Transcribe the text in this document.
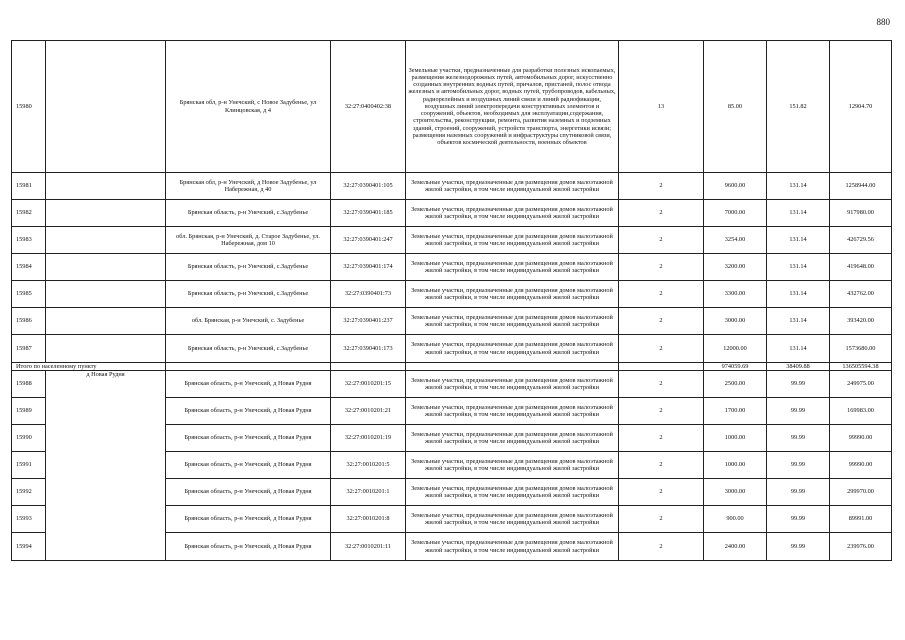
880
15980		Брянская обл, р-н Унечский, с Новое Задубенье, ул Клинцовская, д 4	32:27:0400402:38	Земельные участки, предназначенные для разработки полезных ископаемых, размещения железнодорожных путей, автомобильных дорог, искусственно созданных внутренних водных путей, причалов, пристаней, полос отвода железных и автомобильных дорог, водных путей, трубопроводов, кабельных, радиорелейных и воздушных линий связи и линий радиофикации, воздушных линий электропередачи конструктивных элементов и сооружений, объектов, необходимых для эксплуатации,содержания, строительства, реконструкции, ремонта, развития наземных и подземных зданий, строений, сооружений, устройств транспорта, энергетики исвязи; размещения наземных сооружений и инфраструктуры спутниковой связи, объектов космической деятельности, военных объектов	13	85.00	151.82	12904.70
15981		Брянская обл, р-н Унечский, д Новое Задубенье, ул Набережная, д 40	32:27:0390401:105	Земельные участки, предназначенные для размещения домов малоэтажной жилой застройки, в том числе индивидуальной жилой застройки	2	9600.00	131.14	1258944.00
15982		Брянская область, р-н Унечский, с.Задубенье	32:27:0390401:185	Земельные участки, предназначенные для размещения домов малоэтажной жилой застройки, в том числе индивидуальной жилой застройки	2	7000.00	131.14	917980.00
15983		обл. Брянская, р-н Унечский, д. Старое Задубенье, ул. Набережная, дом 10	32:27:0390401:247	Земельные участки, предназначенные для размещения домов малоэтажной жилой застройки, в том числе индивидуальной жилой застройки	2	3254.00	131.14	426729.56
15984		Брянская область, р-н Унечский, с.Задубенье	32:27:0390401:174	Земельные участки, предназначенные для размещения домов малоэтажной жилой застройки, в том числе индивидуальной жилой застройки	2	3200.00	131.14	419648.00
15985		Брянская область, р-н Унечский, с.Задубенье	32:27:0390401:73	Земельные участки, предназначенные для размещения домов малоэтажной жилой застройки, в том числе индивидуальной жилой застройки	2	3300.00	131.14	432762.00
15986		обл. Брянская, р-н Унечский, с. Задубенье	32:27:0390401:237	Земельные участки, предназначенные для размещения домов малоэтажной жилой застройки, в том числе индивидуальной жилой застройки	2	3000.00	131.14	393420.00
15987		Брянская область, р-н Унечский, с.Задубенье	32:27:0390401:173	Земельные участки, предназначенные для размещения домов малоэтажной жилой застройки, в том числе индивидуальной жилой застройки	2	12000.00	131.14	1573680.00
Итого по населенному пункту						974059.69	38409.88	136505594.38
15988	д Новая Рудня	Брянская область, р-н Унечский, д Новая Рудня	32:27:0010201:15	Земельные участки, предназначенные для размещения домов малоэтажной жилой застройки, в том числе индивидуальной жилой застройки	2	2500.00	99.99	249975.00
15989		Брянская область, р-н Унечский, д Новая Рудня	32:27:0010201:21	Земельные участки, предназначенные для размещения домов малоэтажной жилой застройки, в том числе индивидуальной жилой застройки	2	1700.00	99.99	169983.00
15990		Брянская область, р-н Унечский, д Новая Рудня	32:27:0010201:19	Земельные участки, предназначенные для размещения домов малоэтажной жилой застройки, в том числе индивидуальной жилой застройки	2	1000.00	99.99	99990.00
15991		Брянская область, р-н Унечский, д Новая Рудня	32:27:0010201:5	Земельные участки, предназначенные для размещения домов малоэтажной жилой застройки, в том числе индивидуальной жилой застройки	2	1000.00	99.99	99990.00
15992		Брянская область, р-н Унечский, д Новая Рудня	32:27:0010201:1	Земельные участки, предназначенные для размещения домов малоэтажной жилой застройки, в том числе индивидуальной жилой застройки	2	3000.00	99.99	299970.00
15993		Брянская область, р-н Унечский, д Новая Рудня	32:27:0010201:8	Земельные участки, предназначенные для размещения домов малоэтажной жилой застройки, в том числе индивидуальной жилой застройки	2	900.00	99.99	89991.00
15994		Брянская область, р-н Унечский, д Новая Рудня	32:27:0010201:11	Земельные участки, предназначенные для размещения домов малоэтажной жилой застройки, в том числе индивидуальной жилой застройки	2	2400.00	99.99	239976.00
